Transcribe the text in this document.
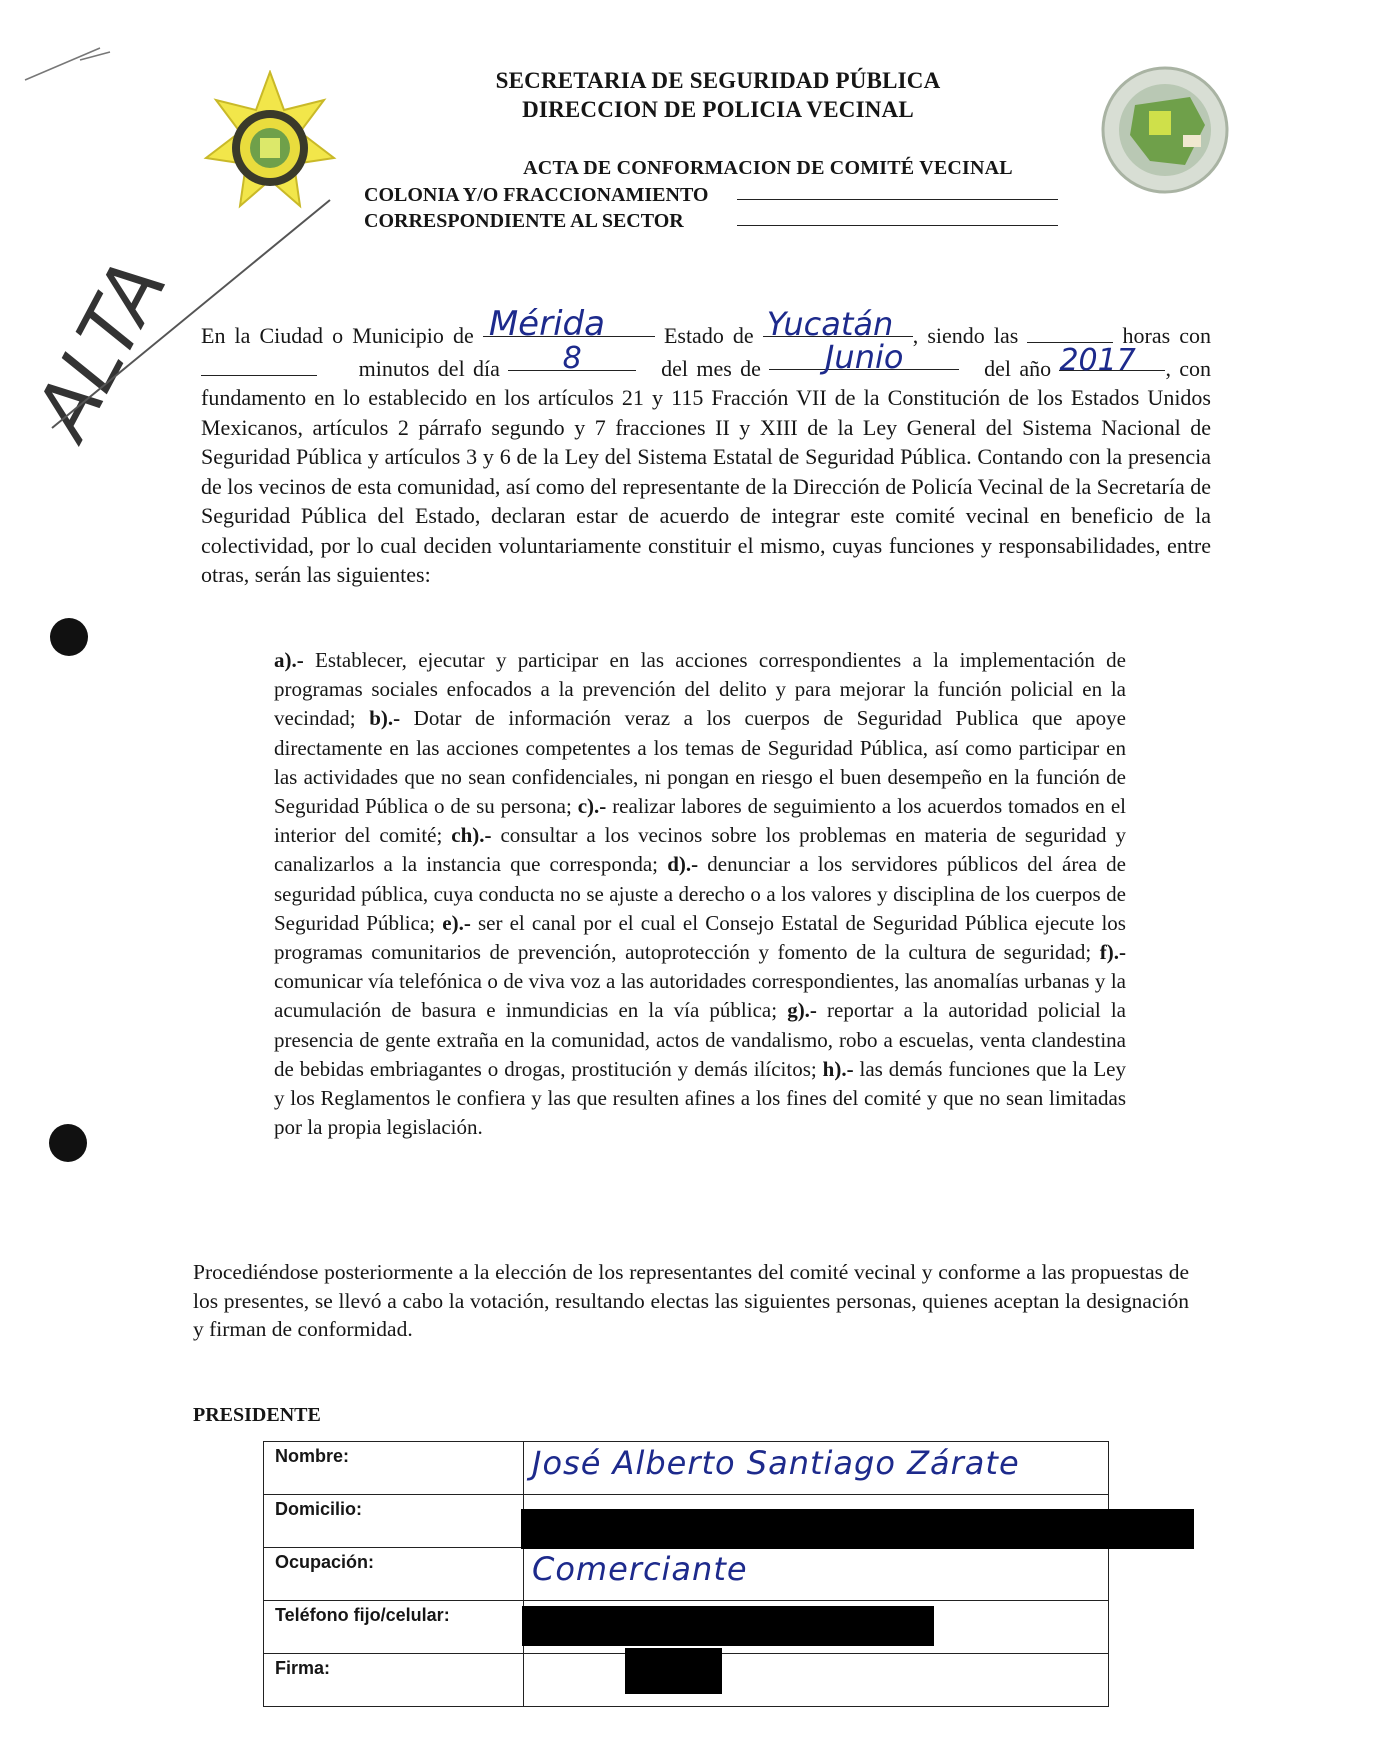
ALTA
SECRETARIA DE SEGURIDAD PÚBLICA
DIRECCION DE POLICIA VECINAL
ACTA DE CONFORMACION DE COMITÉ VECINAL
COLONIA Y/O FRACCIONAMIENTO
CORRESPONDIENTE AL SECTOR
En la Ciudad o Municipio de Mérida	Estado de Yucatán , siendo las	horas con      minutos del día 8	del mes de Junio	del año 2017 , con fundamento en lo establecido en los artículos 21 y 115 Fracción VII de la Constitución de los Estados Unidos Mexicanos, artículos 2 párrafo segundo y 7 fracciones II y XIII de la Ley General del Sistema Nacional de Seguridad Pública y artículos 3 y 6 de la Ley del Sistema Estatal de Seguridad Pública. Contando con la presencia de los vecinos de esta comunidad, así como del representante de la Dirección de Policía Vecinal de la Secretaría de Seguridad Pública del Estado, declaran estar de acuerdo de integrar este comité vecinal en beneficio de la colectividad, por lo cual deciden voluntariamente constituir el mismo, cuyas funciones y responsabilidades, entre otras, serán las siguientes:
a).- Establecer, ejecutar y participar en las acciones correspondientes a la implementación de programas sociales enfocados a la prevención del delito y para mejorar la función policial en la vecindad; b).- Dotar de información veraz a los cuerpos de Seguridad Publica que apoye directamente en las acciones competentes a los temas de Seguridad Pública, así como participar en las actividades que no sean confidenciales, ni pongan en riesgo el buen desempeño en la función de Seguridad Pública o de su persona; c).- realizar labores de seguimiento a los acuerdos tomados en el interior del comité; ch).- consultar a los vecinos sobre los problemas en materia de seguridad y canalizarlos a la instancia que corresponda; d).- denunciar a los servidores públicos del área de seguridad pública, cuya conducta no se ajuste a derecho o a los valores y disciplina de los cuerpos de Seguridad Pública; e).- ser el canal por el cual el Consejo Estatal de Seguridad Pública ejecute los programas comunitarios de prevención, autoprotección y fomento de la cultura de seguridad; f).- comunicar vía telefónica o de viva voz a las autoridades correspondientes, las anomalías urbanas y la acumulación de basura e inmundicias en la vía pública; g).- reportar a la autoridad policial la presencia de gente extraña en la comunidad, actos de vandalismo, robo a escuelas, venta clandestina de bebidas embriagantes o drogas, prostitución y demás ilícitos; h).- las demás funciones que la Ley y los Reglamentos le confiera y las que resulten afines a los fines del comité y que no sean limitadas por la propia legislación.
Procediéndose posteriormente a la elección de los representantes del comité vecinal y conforme a las propuestas de los presentes, se llevó a cabo la votación, resultando electas las siguientes personas, quienes aceptan la designación y firman de conformidad.
PRESIDENTE
Nombre:	José Alberto Santiago Zárate

Domicilio:	
Ocupación:	Comerciante

Teléfono fijo/celular:	
Firma:	
